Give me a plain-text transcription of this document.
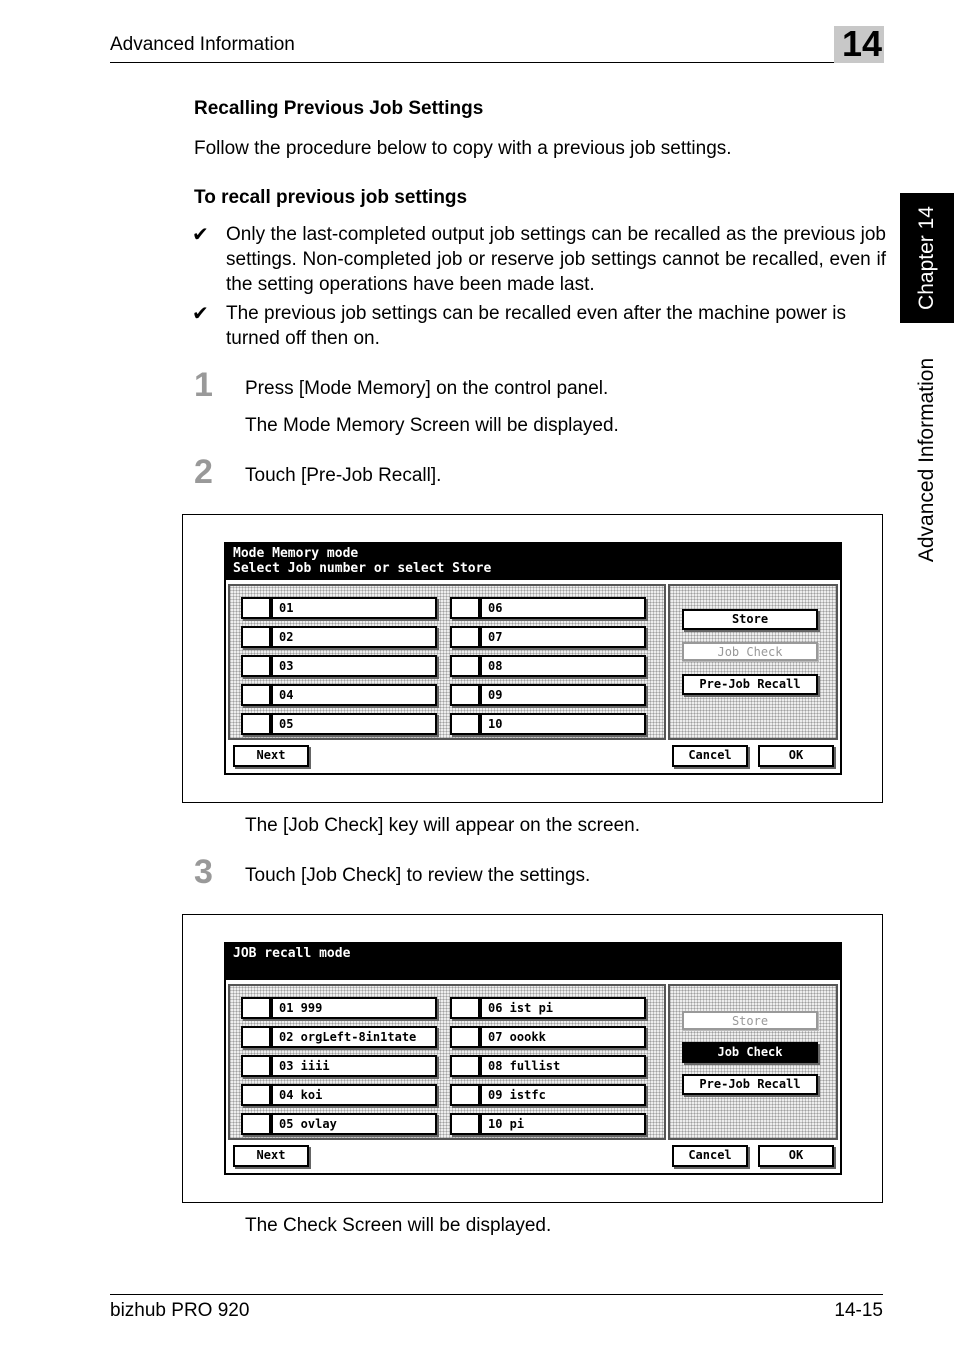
Advanced Information	14
Chapter 14
Advanced Information
Recalling Previous Job Settings
Follow the procedure below to copy with a previous job settings.
To recall previous job settings
✔ Only the last-completed output job settings can be recalled as the previous job settings. Non-completed job or reserve job settings cannot be recalled, even if the setting operations have been made last.
✔ The previous job settings can be recalled even after the machine power is turned off then on.
1 Press [Mode Memory] on the control panel.
The Mode Memory Screen will be displayed.
2 Touch [Pre-Job Recall].
Mode Memory mode
Select Job number or select Store
01
02
03
04
05
06
07
08
09
10
Store
Job Check
Pre-Job Recall
Next	Cancel	OK
The [Job Check] key will appear on the screen.
3 Touch [Job Check] to review the settings.
JOB recall mode
01 999
02 orgLeft-8in1tate
03 iiii
04 koi
05 ovlay
06 ist pi
07 oookk
08 fullist
09 istfc
10 pi
Store
Job Check
Pre-Job Recall
Next	Cancel	OK
The Check Screen will be displayed.
bizhub PRO 920	14-15
